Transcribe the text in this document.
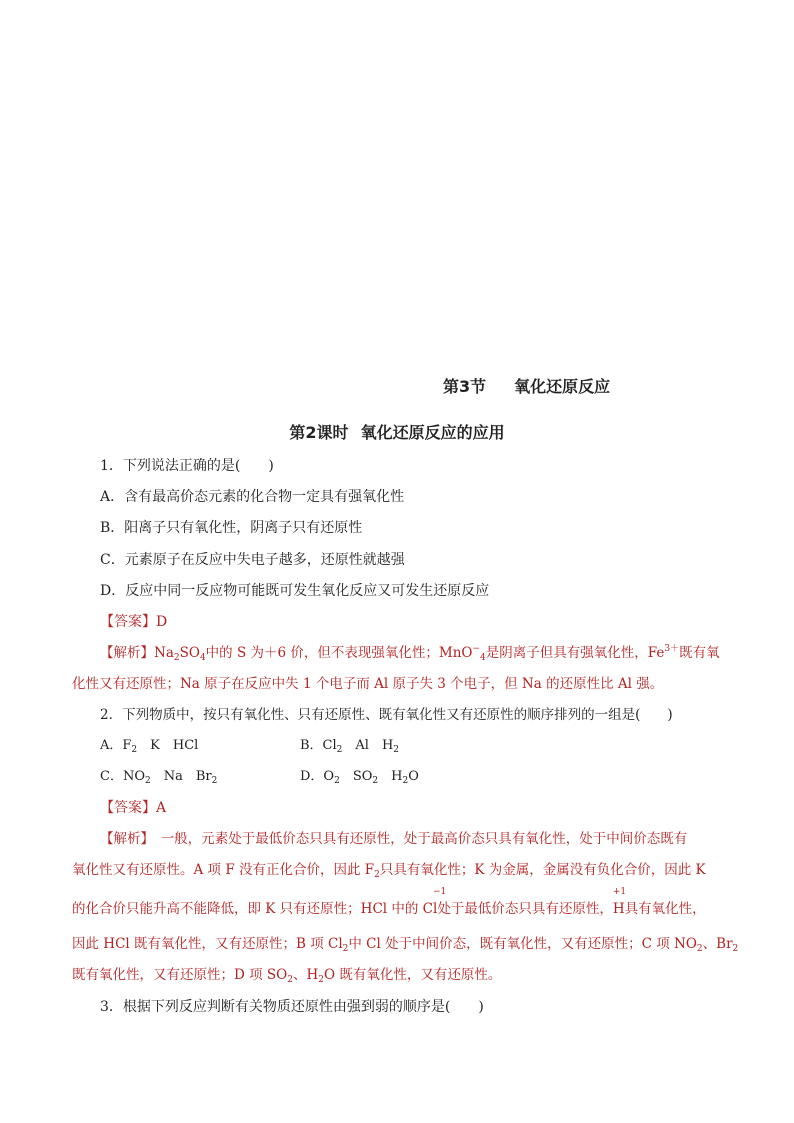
第3节 氧化还原反应
第2课时 氧化还原反应的应用
1．下列说法正确的是(　　)
A．含有最高价态元素的化合物一定具有强氧化性
B．阳离子只有氧化性，阴离子只有还原性
C．元素原子在反应中失电子越多，还原性就越强
D．反应中同一反应物可能既可发生氧化反应又可发生还原反应
【答案】D
【解析】$Na_2SO_4$中的 S 为＋6 价，但不表现强氧化性；MnO−$_4$是阴离子但具有强氧化性，$Fe^{3+}$既有氧
化性又有还原性；Na 原子在反应中失 1 个电子而 Al 原子失 3 个电子，但 Na 的还原性比 Al 强。
2．下列物质中，按只有氧化性、只有还原性、既有氧化性又有还原性的顺序排列的一组是(　　)
A．$F_2$　K　HCl	B．$Cl_2$　Al　$H_2$
C．$NO_2$　Na　$Br_2$	D．$O_2$　$SO_2$　$H_2O$
【答案】A
【解析】　一般，元素处于最低价态只具有还原性，处于最高价态只具有氧化性，处于中间价态既有
氧化性又有还原性。A 项 F 没有正化合价，因此 $F_2$只具有氧化性；K 为金属，金属没有负化合价，因此 K
的化合价只能升高不能降低，即 K 只有还原性；HCl 中的 C
−1
l处于最低价态只具有还原性，
+1
H具有氧化性，
因此 HCl 既有氧化性，又有还原性；B 项 $Cl_2$中 Cl 处于中间价态，既有氧化性，又有还原性；C 项 $NO_2$、$Br_2$
既有氧化性，又有还原性；D 项 $SO_2$、$H_2O$ 既有氧化性，又有还原性。
3．根据下列反应判断有关物质还原性由强到弱的顺序是(　　)
